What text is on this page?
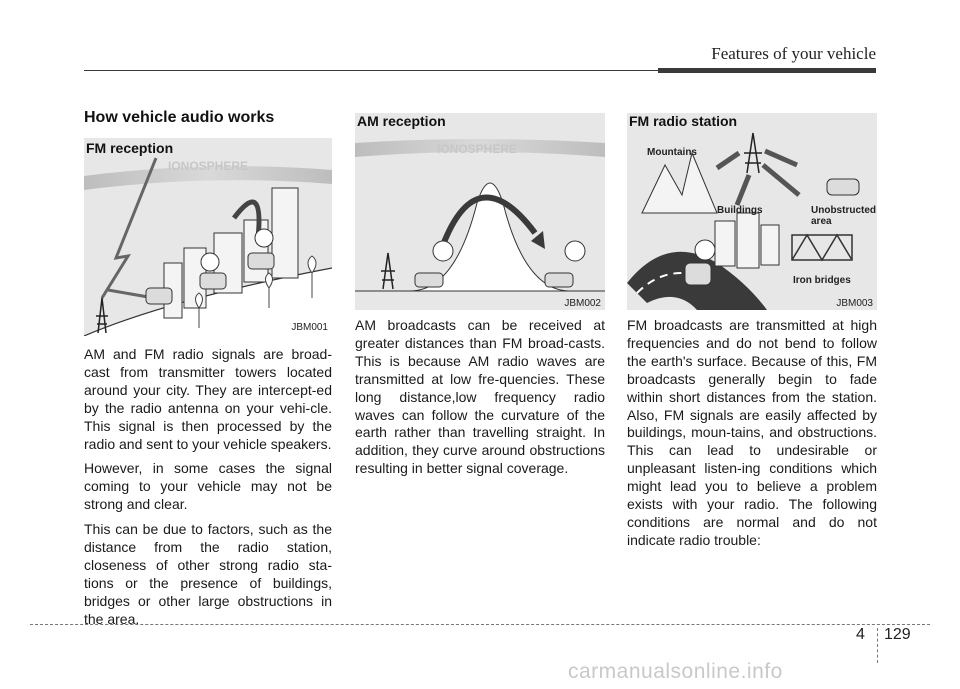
Features of your vehicle
How vehicle audio works
IONOSPHERE
FM reception
JBM001
IONOSPHERE
AM reception
JBM002
FM radio station
Mountains
Buildings	Unobstructed
area
Iron bridges
JBM003

AM and FM radio signals are broad-cast from transmitter towers located around your city. They are intercept-ed by the radio antenna on your vehi-cle. This signal is then processed by the radio and sent to your vehicle speakers.

However, in some cases the signal coming to your vehicle may not be strong and clear.

This can be due to factors, such as the distance from the radio station, closeness of other strong radio sta-tions or the presence of buildings, bridges or other large obstructions in the area.

AM broadcasts can be received at greater distances than FM broad-casts. This is because AM radio waves are transmitted at low fre-quencies. These long distance,low frequency radio waves can follow the curvature of the earth rather than travelling straight. In addition, they curve around obstructions resulting in better signal coverage.

FM broadcasts are transmitted at high frequencies and do not bend to follow the earth's surface. Because of this, FM broadcasts generally begin to fade within short distances from the station. Also, FM signals are easily affected by buildings, moun-tains, and obstructions. This can lead to undesirable or unpleasant listen-ing conditions which might lead you to believe a problem exists with your radio. The following conditions are normal and do not indicate radio trouble:

4 129
carmanualsonline.info
